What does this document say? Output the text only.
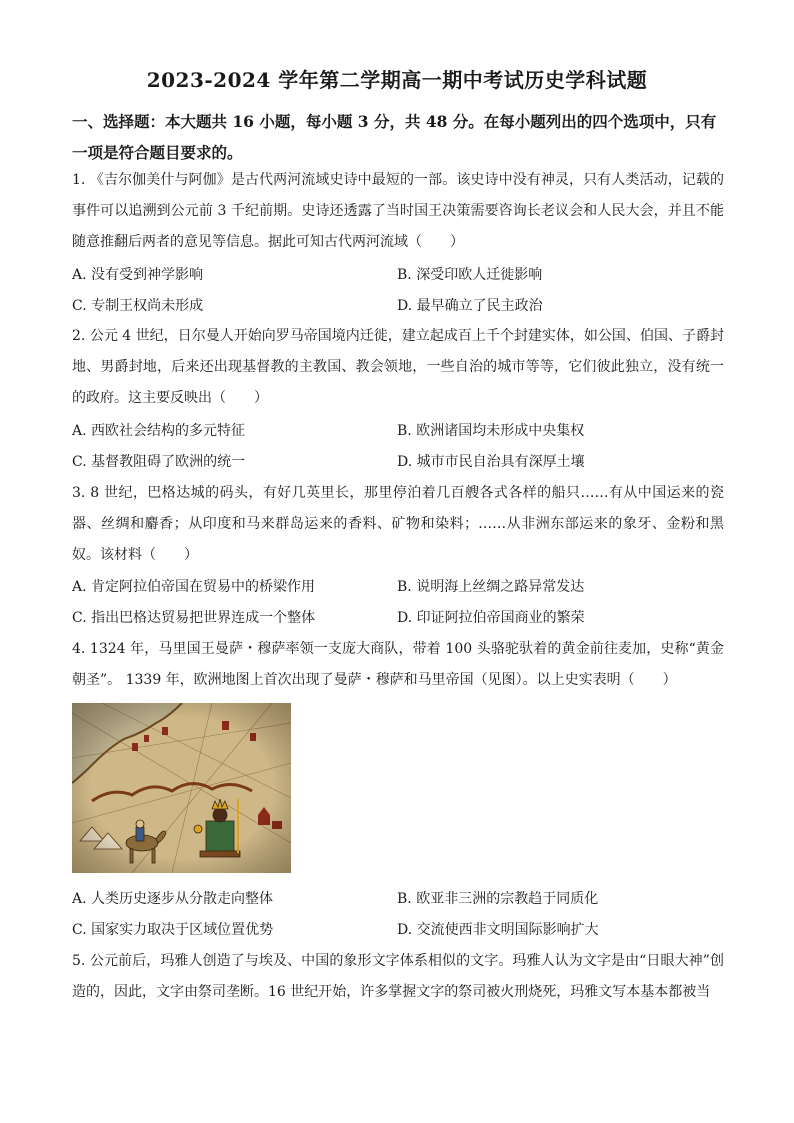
2023-2024 学年第二学期高一期中考试历史学科试题
一、选择题：本大题共 16 小题，每小题 3 分，共 48 分。在每小题列出的四个选项中，只有一项是符合题目要求的。
1. 《吉尔伽美什与阿伽》是古代两河流域史诗中最短的一部。该史诗中没有神灵，只有人类活动，记载的事件可以追溯到公元前 3 千纪前期。史诗还透露了当时国王决策需要咨询长老议会和人民大会，并且不能随意推翻后两者的意见等信息。据此可知古代两河流域（　　）
A. 没有受到神学影响	B. 深受印欧人迁徙影响
C. 专制王权尚未形成	D. 最早确立了民主政治
2. 公元 4 世纪，日尔曼人开始向罗马帝国境内迁徙，建立起成百上千个封建实体，如公国、伯国、子爵封地、男爵封地，后来还出现基督教的主教国、教会领地，一些自治的城市等等，它们彼此独立，没有统一的政府。这主要反映出（　　）
A. 西欧社会结构的多元特征	B. 欧洲诸国均未形成中央集权
C. 基督教阻碍了欧洲的统一	D. 城市市民自治具有深厚土壤
3. 8 世纪，巴格达城的码头，有好几英里长，那里停泊着几百艘各式各样的船只……有从中国运来的瓷器、丝绸和麝香；从印度和马来群岛运来的香料、矿物和染料；……从非洲东部运来的象牙、金粉和黑奴。该材料（　　）
A. 肯定阿拉伯帝国在贸易中的桥梁作用	B. 说明海上丝绸之路异常发达
C. 指出巴格达贸易把世界连成一个整体	D. 印证阿拉伯帝国商业的繁荣
4. 1324 年，马里国王曼萨・穆萨率领一支庞大商队，带着 100 头骆驼驮着的黄金前往麦加，史称“黄金朝圣”。 1339 年，欧洲地图上首次出现了曼萨・穆萨和马里帝国（见图）。以上史实表明（　　）
A. 人类历史逐步从分散走向整体	B. 欧亚非三洲的宗教趋于同质化
C. 国家实力取决于区域位置优势	D. 交流使西非文明国际影响扩大
5. 公元前后，玛雅人创造了与埃及、中国的象形文字体系相似的文字。玛雅人认为文字是由“日眼大神”创造的，因此，文字由祭司垄断。16 世纪开始，许多掌握文字的祭司被火刑烧死，玛雅文写本基本都被当
